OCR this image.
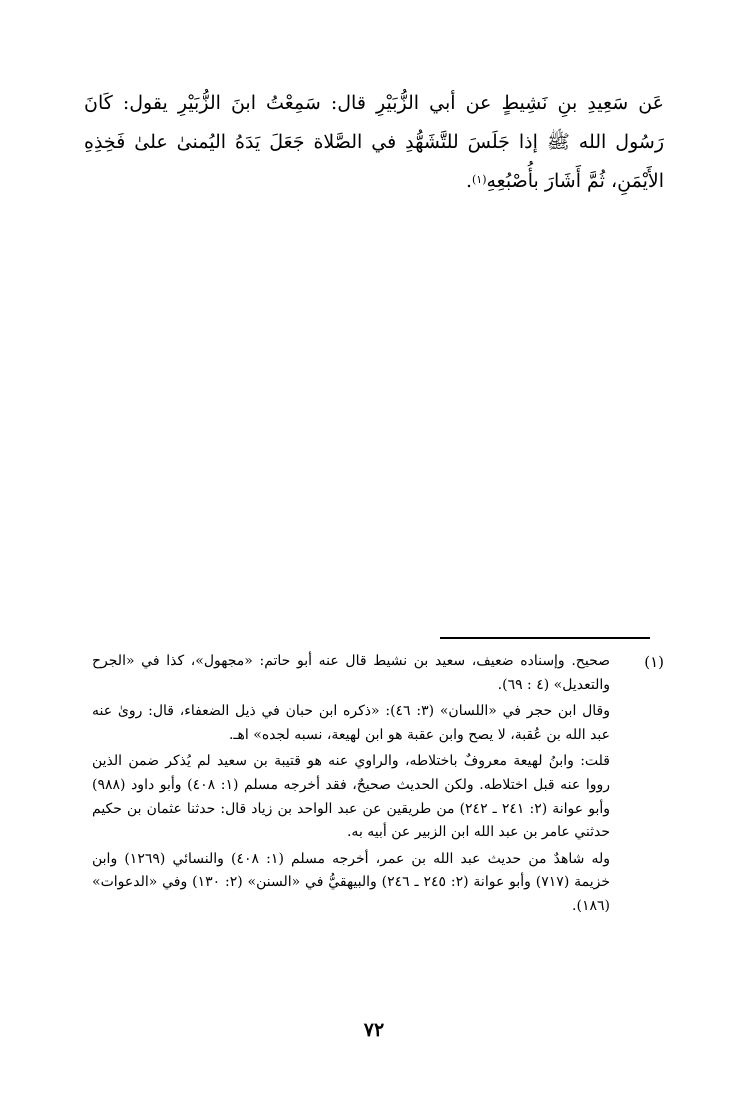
عَن سَعِيدِ بنِ نَشِيطٍ عن أبي الزُّبَيْرِ قال: سَمِعْتُ ابنَ الزُّبَيْرِ يقول: كَانَ رَسُول الله ﷺ إذا جَلَسَ للتَّشَهُّدِ في الصَّلاة جَعَلَ يَدَهُ اليُمنىٰ علىٰ فَخِذِهِ الأَيْمَنِ، ثُمَّ أَشَارَ بأُصْبُعِهِ$^{(١)}$.

(١)

صحيح. وإسناده ضعيف، سعيد بن نشيط قال عنه أبو حاتم: «مجهول»، كذا في «الجرح والتعديل» (٤ : ٦٩).

وقال ابن حجر في «اللسان» (٣: ٤٦): «ذكره ابن حبان في ذيل الضعفاء، قال: روىٰ عنه عبد الله بن عُقبة، لا يصح وابن عقبة هو ابن لهيعة، نسبه لجده» اهـ.

قلت: وابنُ لهيعة معروفٌ باختلاطه، والراوي عنه هو قتيبة بن سعيد لم يُذكر ضمن الذين رووا عنه قبل اختلاطه. ولكن الحديث صحيحٌ، فقد أخرجه مسلم (١: ٤٠٨) وأبو داود (٩٨٨) وأبو عوانة (٢: ٢٤١ ـ ٢٤٢) من طريقين عن عبد الواحد بن زياد قال: حدثنا عثمان بن حكيم حدثني عامر بن عبد الله ابن الزبير عن أبيه به.

وله شاهدٌ من حديث عبد الله بن عمر، أخرجه مسلم (١: ٤٠٨) والنسائي (١٢٦٩) وابن خزيمة (٧١٧) وأبو عوانة (٢: ٢٤٥ ـ ٢٤٦) والبيهقيُّ في «السنن» (٢: ١٣٠) وفي «الدعوات» (١٨٦).

٧٢
